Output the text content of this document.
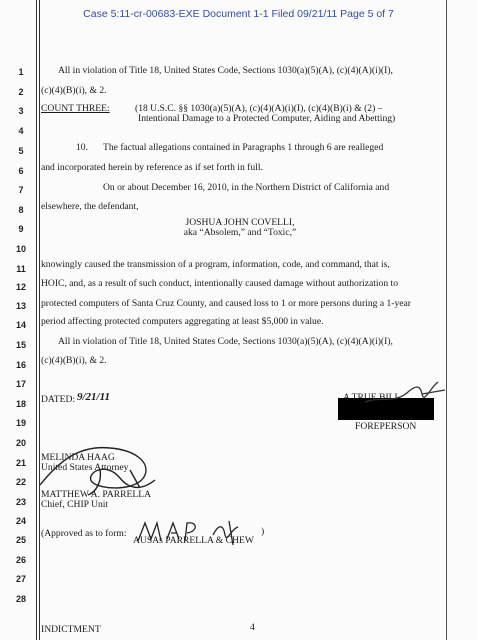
Case 5:11-cr-00683-EXE Document 1-1 Filed 09/21/11 Page 5 of 7
1
2
3
4
5
6
7
8
9
10
11
12
13
14
15
16
17
18
19
20
21
22
23
24
25
26
27
28
All in violation of Title 18, United States Code, Sections 1030(a)(5)(A), (c)(4)(A)(i)(I),
(c)(4)(B)(i), & 2.
COUNT THREE:	(18 U.S.C. §§ 1030(a)(5)(A), (c)(4)(A)(i)(I), (c)(4)(B)(i) & (2) –
Intentional Damage to a Protected Computer, Aiding and Abetting)
10. The factual allegations contained in Paragraphs 1 through 6 are realleged
and incorporated herein by reference as if set forth in full.
On or about December 16, 2010, in the Northern District of California and
elsewhere, the defendant,
JOSHUA JOHN COVELLI,
aka “Absolem,” and “Toxic,”
knowingly caused the transmission of a program, information, code, and command, that is,
HOIC, and, as a result of such conduct, intentionally caused damage without authorization to
protected computers of Santa Cruz County, and caused loss to 1 or more persons during a 1-year
period affecting protected computers aggregating at least $5,000 in value.
All in violation of Title 18, United States Code, Sections 1030(a)(5)(A), (c)(4)(A)(i)(I),
(c)(4)(B)(i), & 2.
DATED: 9/21/11
FOREPERSON
MELINDA HAAG
United States Attorney
MATTHEW A. PARRELLA
Chief, CHIP Unit
(Approved as to form:
AUSAs PARRELLA & CHEW
)
INDICTMENT	4
